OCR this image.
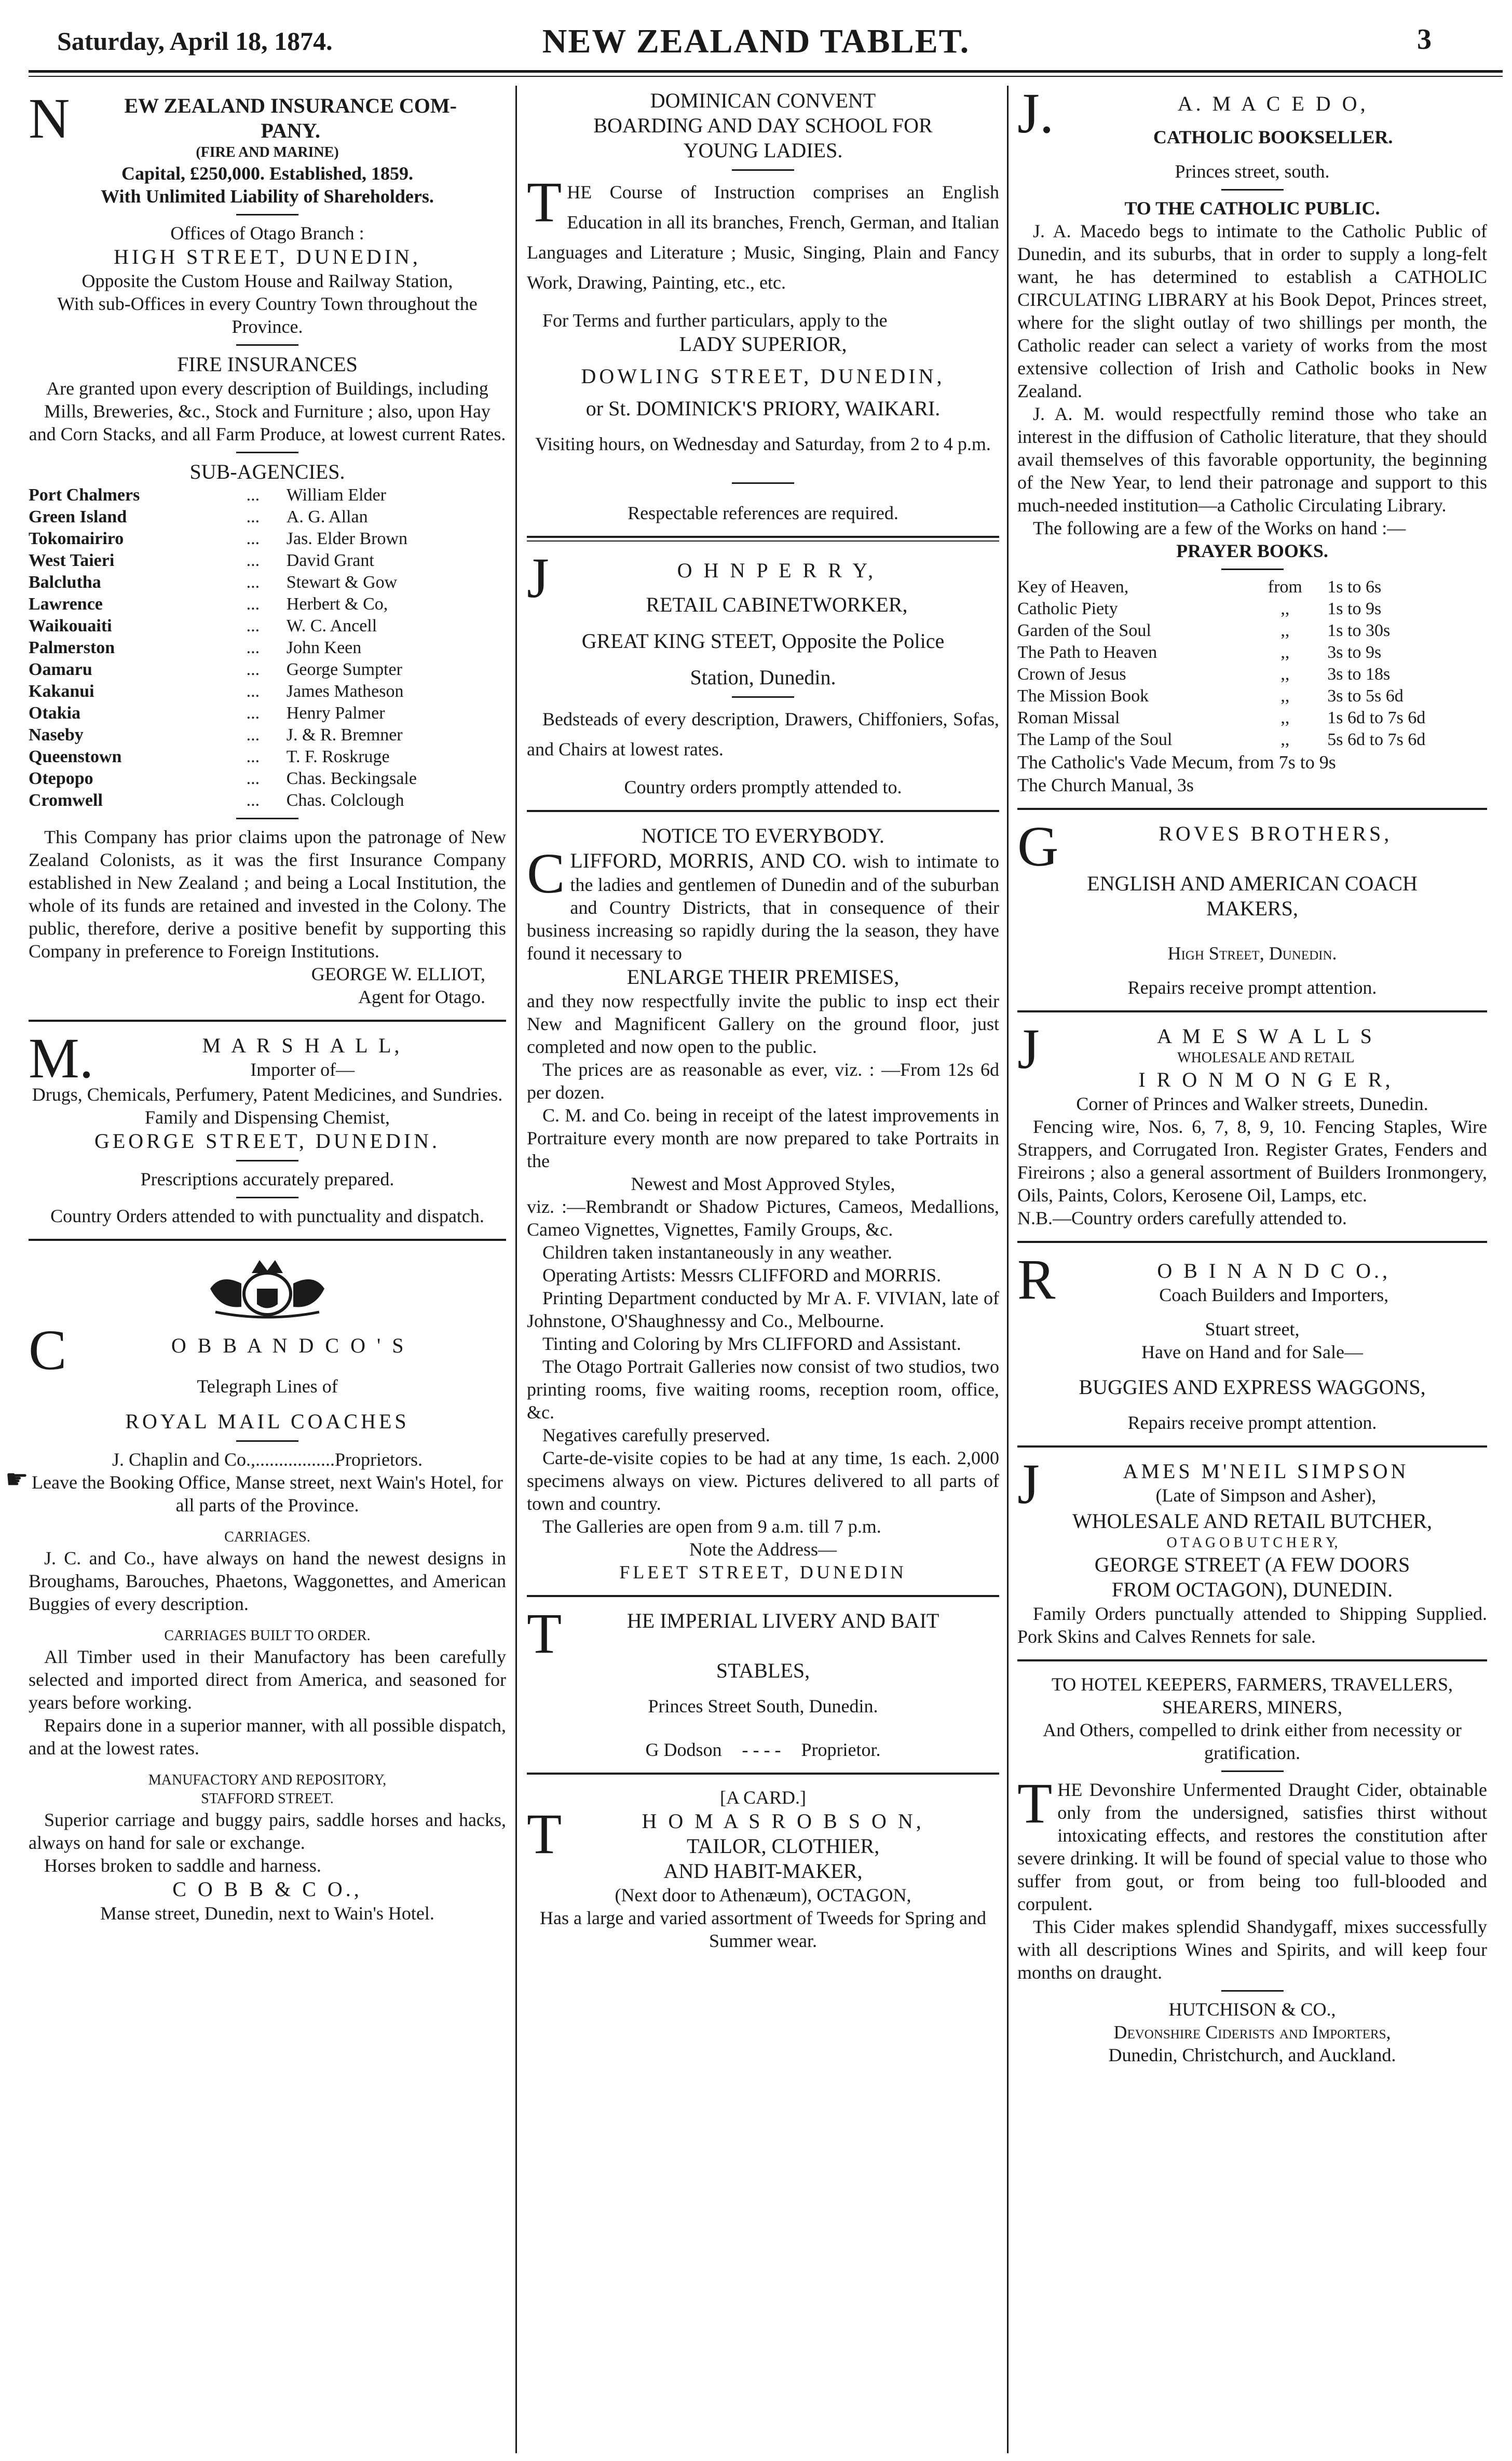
Saturday, April 18, 1874.	NEW ZEALAND TABLET.	3
N	EW ZEALAND INSURANCE COM-
PANY.
(FIRE AND MARINE)
Capital, £250,000. Established, 1859.
With Unlimited Liability of Shareholders.
Offices of Otago Branch :
HIGH STREET, DUNEDIN,
Opposite the Custom House and Railway Station,
With sub-Offices in every Country Town throughout the Province.
FIRE INSURANCES
Are granted upon every description of Buildings, including Mills, Breweries, &c., Stock and Furniture ; also, upon Hay and Corn Stacks, and all Farm Produce, at lowest current Rates.
SUB-AGENCIES.
Port Chalmers	...	William Elder
Green Island	...	A. G. Allan
Tokomairiro	...	Jas. Elder Brown
West Taieri	...	David Grant
Balclutha	...	Stewart & Gow
Lawrence	...	Herbert & Co,
Waikouaiti	...	W. C. Ancell
Palmerston	...	John Keen
Oamaru	...	George Sumpter
Kakanui	...	James Matheson
Otakia	...	Henry Palmer
Naseby	...	J. & R. Bremner
Queenstown	...	T. F. Roskruge
Otepopo	...	Chas. Beckingsale
Cromwell	...	Chas. Colclough

This Company has prior claims upon the patronage of New Zealand Colonists, as it was the first Insurance Company established in New Zealand ; and being a Local Institution, the whole of its funds are retained and invested in the Colony. The public, therefore, derive a positive benefit by supporting this Company in preference to Foreign Institutions.

GEORGE W. ELLIOT,

Agent for Otago.

M.	M A R S H A L L,
Importer of—
Drugs, Chemicals, Perfumery, Patent Medicines, and Sundries. Family and Dispensing Chemist,
GEORGE STREET, DUNEDIN.
Prescriptions accurately prepared.
Country Orders attended to with punctuality and dispatch.
C	O B B A N D C O ' S
Telegraph Lines of
ROYAL MAIL COACHES
J. Chaplin and Co.,.................Proprietors.
☛ Leave the Booking Office, Manse street, next Wain's Hotel, for all parts of the Province.
CARRIAGES.

J. C. and Co., have always on hand the newest designs in Broughams, Barouches, Phaetons, Waggonettes, and American Buggies of every description.

CARRIAGES BUILT TO ORDER.

All Timber used in their Manufactory has been carefully selected and imported direct from America, and seasoned for years before working.

Repairs done in a superior manner, with all possible dispatch, and at the lowest rates.

MANUFACTORY AND REPOSITORY,
STAFFORD STREET.

Superior carriage and buggy pairs, saddle horses and hacks, always on hand for sale or exchange.

Horses broken to saddle and harness.

C O B B & C O.,
Manse street, Dunedin, next to Wain's Hotel.
DOMINICAN CONVENT
BOARDING AND DAY SCHOOL FOR
YOUNG LADIES.

T HE Course of Instruction comprises an English Education in all its branches, French, German, and Italian Languages and Literature ; Music, Singing, Plain and Fancy Work, Drawing, Painting, etc., etc.

For Terms and further particulars, apply to the

LADY SUPERIOR,
DOWLING STREET, DUNEDIN,
or St. DOMINICK'S PRIORY, WAIKARI.
Visiting hours, on Wednesday and Saturday, from 2 to 4 p.m.
Respectable references are required.
J	O H N P E R R Y,
RETAIL CABINETWORKER,
GREAT KING STEET, Opposite the Police
Station, Dunedin.

Bedsteads of every description, Drawers, Chiffoniers, Sofas, and Chairs at lowest rates.

Country orders promptly attended to.
NOTICE TO EVERYBODY.

C LIFFORD, MORRIS, AND CO. wish to intimate to the ladies and gentlemen of Dunedin and of the suburban and Country Districts, that in consequence of their business increasing so rapidly during the la season, they have found it necessary to

ENLARGE THEIR PREMISES,

and they now respectfully invite the public to insp ect their New and Magnificent Gallery on the ground floor, just completed and now open to the public.

The prices are as reasonable as ever, viz. : —From 12s 6d per dozen.

C. M. and Co. being in receipt of the latest improvements in Portraiture every month are now prepared to take Portraits in the

Newest and Most Approved Styles,

viz. :—Rembrandt or Shadow Pictures, Cameos, Medallions, Cameo Vignettes, Vignettes, Family Groups, &c.

Children taken instantaneously in any weather.

Operating Artists: Messrs CLIFFORD and MORRIS.

Printing Department conducted by Mr A. F. VIVIAN, late of Johnstone, O'Shaughnessy and Co., Melbourne.

Tinting and Coloring by Mrs CLIFFORD and Assistant.

The Otago Portrait Galleries now consist of two studios, two printing rooms, five waiting rooms, reception room, office, &c.

Negatives carefully preserved.

Carte-de-visite copies to be had at any time, 1s each. 2,000 specimens always on view. Pictures delivered to all parts of town and country.

The Galleries are open from 9 a.m. till 7 p.m.

Note the Address—
FLEET STREET, DUNEDIN
T	HE IMPERIAL LIVERY AND BAIT
STABLES,
Princes Street South, Dunedin.
G Dodson - - - - Proprietor.
[A CARD.]
T	H O M A S R O B S O N,
TAILOR, CLOTHIER,
AND HABIT-MAKER,
(Next door to Athenæum), OCTAGON,
Has a large and varied assortment of Tweeds for Spring and Summer wear.
J.	A. M A C E D O,
CATHOLIC BOOKSELLER.
Princes street, south.
TO THE CATHOLIC PUBLIC.

J. A. Macedo begs to intimate to the Catholic Public of Dunedin, and its suburbs, that in order to supply a long-felt want, he has determined to establish a CATHOLIC CIRCULATING LIBRARY at his Book Depot, Princes street, where for the slight outlay of two shillings per month, the Catholic reader can select a variety of works from the most extensive collection of Irish and Catholic books in New Zealand.

J. A. M. would respectfully remind those who take an interest in the diffusion of Catholic literature, that they should avail themselves of this favorable opportunity, the beginning of the New Year, to lend their patronage and support to this much-needed institution—a Catholic Circulating Library.

The following are a few of the Works on hand :—

PRAYER BOOKS.
Key of Heaven,	from	1s to 6s
Catholic Piety	,,	1s to 9s
Garden of the Soul	,,	1s to 30s
The Path to Heaven	,,	3s to 9s
Crown of Jesus	,,	3s to 18s
The Mission Book	,,	3s to 5s 6d
Roman Missal	,,	1s 6d to 7s 6d
The Lamp of the Soul	,,	5s 6d to 7s 6d
The Catholic's Vade Mecum, from 7s to 9s
The Church Manual, 3s
G	ROVES BROTHERS,
ENGLISH AND AMERICAN COACH
MAKERS,
High Street, Dunedin.
Repairs receive prompt attention.
J	A M E S W A L L S
WHOLESALE AND RETAIL
I R O N M O N G E R,
Corner of Princes and Walker streets, Dunedin.

Fencing wire, Nos. 6, 7, 8, 9, 10. Fencing Staples, Wire Strappers, and Corrugated Iron. Register Grates, Fenders and Fireirons ; also a general assortment of Builders Ironmongery, Oils, Paints, Colors, Kerosene Oil, Lamps, etc.

N.B.—Country orders carefully attended to.

R	O B I N A N D C O.,
Coach Builders and Importers,
Stuart street,
Have on Hand and for Sale—
BUGGIES AND EXPRESS WAGGONS,
Repairs receive prompt attention.
J	AMES M'NEIL SIMPSON
(Late of Simpson and Asher),
WHOLESALE AND RETAIL BUTCHER,
O T A G O B U T C H E R Y,
GEORGE STREET (A FEW DOORS
FROM OCTAGON), DUNEDIN.

Family Orders punctually attended to Shipping Supplied. Pork Skins and Calves Rennets for sale.

TO HOTEL KEEPERS, FARMERS, TRAVELLERS, SHEARERS, MINERS,
And Others, compelled to drink either from necessity or gratification.

T HE Devonshire Unfermented Draught Cider, obtainable only from the undersigned, satisfies thirst without intoxicating effects, and restores the constitution after severe drinking. It will be found of special value to those who suffer from gout, or from being too full-blooded and corpulent.

This Cider makes splendid Shandygaff, mixes successfully with all descriptions Wines and Spirits, and will keep four months on draught.

HUTCHISON & CO.,
Devonshire Ciderists and Importers,
Dunedin, Christchurch, and Auckland.
